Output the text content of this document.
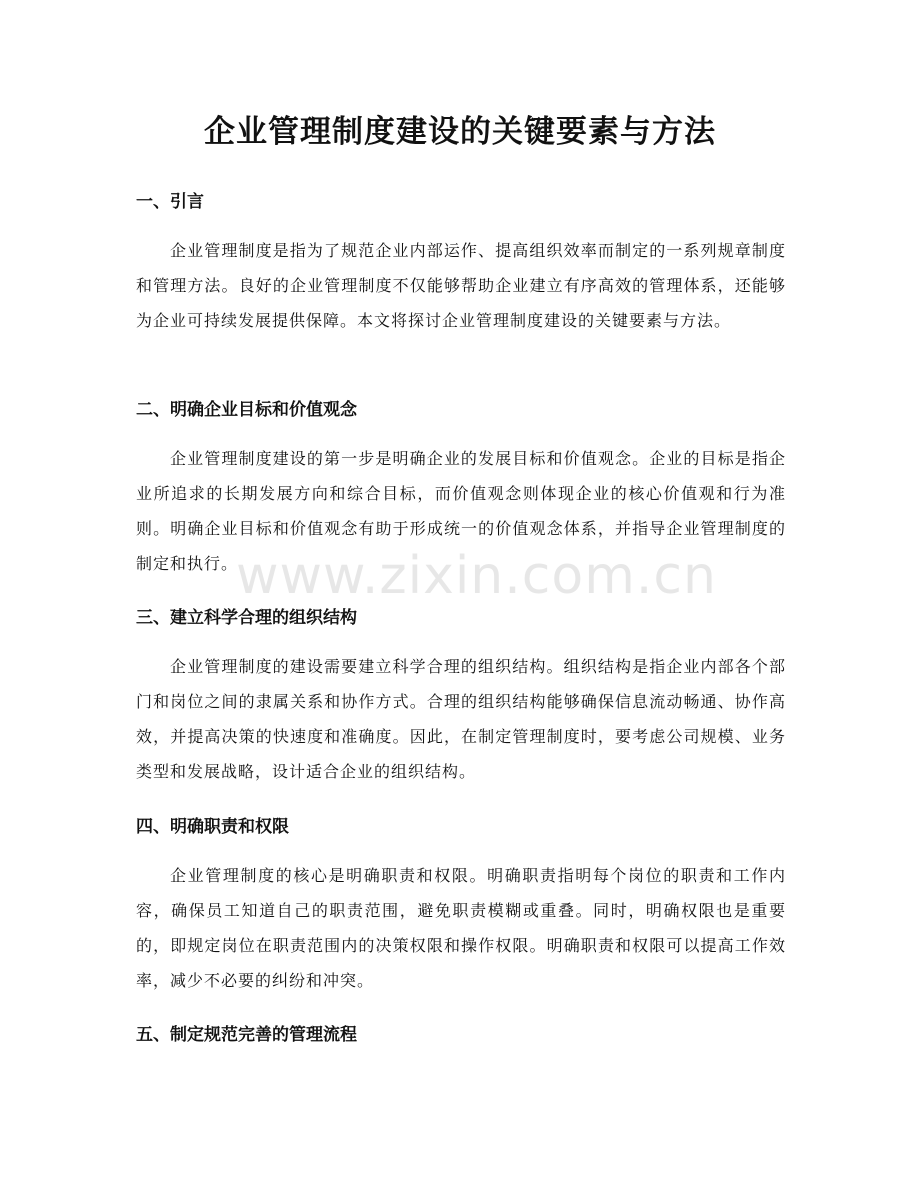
企业管理制度建设的关键要素与方法
一、引言

企业管理制度是指为了规范企业内部运作、提高组织效率而制定的一系列规章制度和管理方法。良好的企业管理制度不仅能够帮助企业建立有序高效的管理体系，还能够为企业可持续发展提供保障。本文将探讨企业管理制度建设的关键要素与方法。

二、明确企业目标和价值观念

企业管理制度建设的第一步是明确企业的发展目标和价值观念。企业的目标是指企业所追求的长期发展方向和综合目标，而价值观念则体现企业的核心价值观和行为准则。明确企业目标和价值观念有助于形成统一的价值观念体系，并指导企业管理制度的制定和执行。

三、建立科学合理的组织结构

企业管理制度的建设需要建立科学合理的组织结构。组织结构是指企业内部各个部门和岗位之间的隶属关系和协作方式。合理的组织结构能够确保信息流动畅通、协作高效，并提高决策的快速度和准确度。因此，在制定管理制度时，要考虑公司规模、业务类型和发展战略，设计适合企业的组织结构。

四、明确职责和权限

企业管理制度的核心是明确职责和权限。明确职责指明每个岗位的职责和工作内容，确保员工知道自己的职责范围，避免职责模糊或重叠。同时，明确权限也是重要的，即规定岗位在职责范围内的决策权限和操作权限。明确职责和权限可以提高工作效率，减少不必要的纠纷和冲突。

五、制定规范完善的管理流程
www.zixin.com.cn
